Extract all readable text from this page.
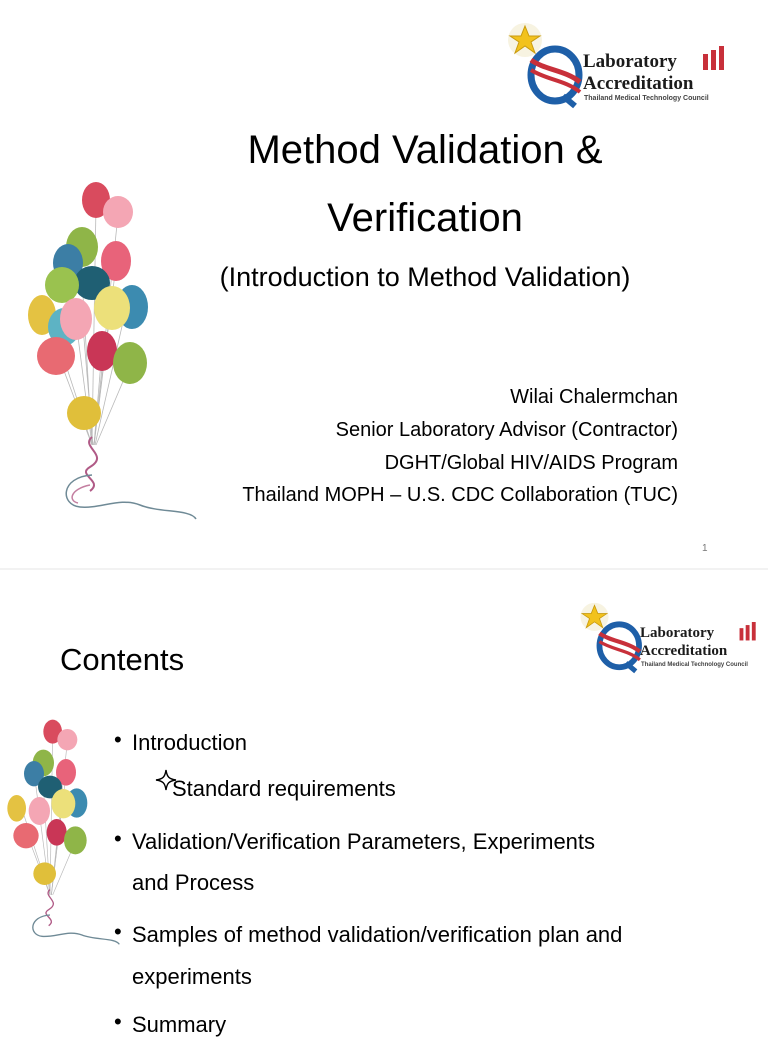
Laboratory
Accreditation
Thailand Medical Technology Council
Method Validation &
Verification
(Introduction to Method Validation)
Wilai Chalermchan
Senior Laboratory Advisor (Contractor)
DGHT/Global HIV/AIDS Program
Thailand MOPH – U.S. CDC Collaboration (TUC)
1
Laboratory
Accreditation
Thailand Medical Technology Council
Contents
• Introduction
Standard requirements
• Validation/Verification Parameters, Experiments
and Process
• Samples of method validation/verification plan and
experiments
• Summary
